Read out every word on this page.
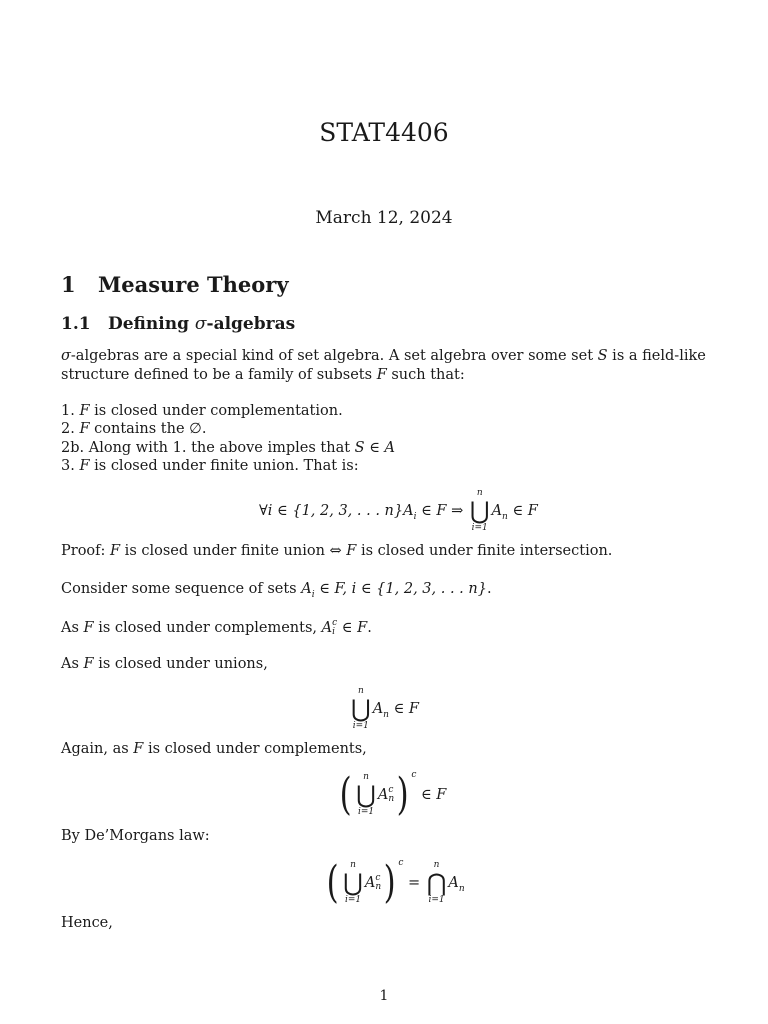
STAT4406
March 12, 2024
1 Measure Theory
1.1 Defining σ-algebras
σ-algebras are a special kind of set algebra. A set algebra over some set S is a field-like structure defined to be a family of subsets F such that:
1. F is closed under complementation.
2. F contains the ∅.
2b. Along with 1. the above imples that S ∈ A
3. F is closed under finite union. That is:
∀i ∈ {1, 2, 3, . . . $n\}A_i$ ∈ F ⇒
n
⋃
i=1
$A_n$ ∈ F
Proof: F is closed under finite union ⇔ F is closed under finite intersection.
Consider some sequence of sets $A_i$ ∈ F, i ∈ {1, 2, 3, . . . n}.
As F is closed under complements, A c
i ∈ F.
As F is closed under unions,
n
⋃
i=1
$A_n$ ∈ F
Again, as F is closed under complements,
( n
⋃
i=1
A c
n ) $^c$ ∈ F
By De’Morgans law:
( n
⋃
i=1
A c
n ) $^c$ =
n
⋂
i=1
$A_n$
Hence,
1
